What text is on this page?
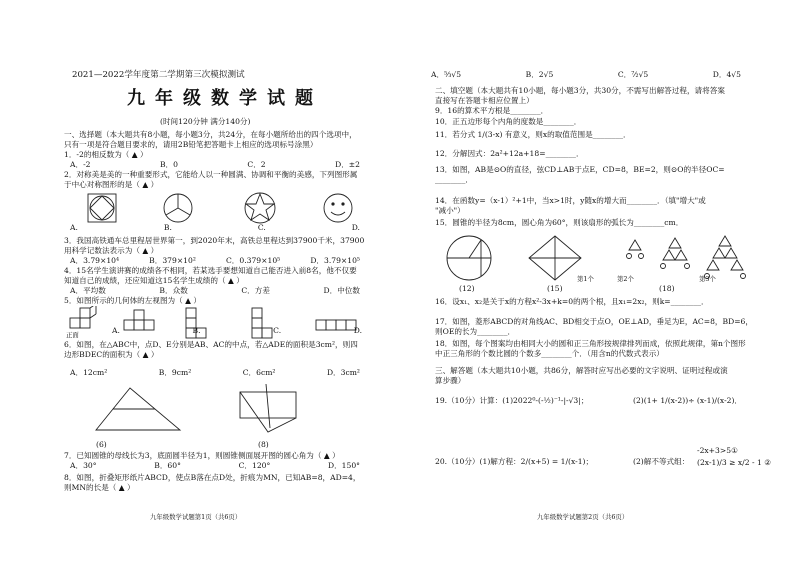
2021—2022学年度第二学期第三次模拟测试
九年级数学试题
(时间120分钟 满分140分)
一、选择题（本大题共有8小题，每小题3分，共24分，在每小题所给出的四个选项中，
只有一项是符合题目要求的，请用2B铅笔把答题卡上相应的选项标号涂黑）
1．-2的相反数为（ ▲ ）
A．-2	B．0	C．2	D．±2
2．对称美是美的一种重要形式，它能给人以一种圆满、协调和平衡的美感，下列图形属
于中心对称图形的是（ ▲ ）
A.	B.	C.	D.
3．我国高铁通车总里程居世界第一，到2020年末，高铁总里程达到37900千米，37900
用科学记数法表示为（ ▲ ）
A．3.79×10⁴	B．379×10²	C．0.379×10⁵	D．3.79×10⁵
4．15名学生演讲赛的成绩各不相同，若某选手要想知道自己能否进入前8名，他不仅要
知道自己的成绩，还应知道这15名学生成绩的（ ▲ ）
A．平均数	B．众数	C．方差	D．中位数
5．如图所示的几何体的左视图为（ ▲ ）
正面	A.	B.	C.	D.
6．如图，在△ABC中，点D、E分别是AB、AC的中点，若△ADE的面积是3cm²，则四
边形BDEC的面积为（ ▲ ）
A．12cm²	B．9cm²	C．6cm²	D．3cm²
(6)	(8)
7．已知圆锥的母线长为3，底面圆半径为1，则圆锥侧面展开图的圆心角为（ ▲ ）
A．30°	B．60°	C．120°	D．150°
8．如图，折叠矩形纸片ABCD，使点B落在点D处，折痕为MN，已知AB=8，AD=4，
则MN的长是（ ▲ ）
九年级数学试题第1页（共6页）
A．⁵⁄₃√5	B．2√5	C．⁷⁄₂√5	D．4√5
二、填空题（本大题共有10小题，每小题3分，共30分，不需写出解答过程，请将答案
直接写在答题卡相应位置上）
9．16的算术平方根是________．
10．正五边形每个内角的度数是________．
11．若分式 1/(3-x) 有意义，则x的取值范围是________．
12．分解因式：2a²+12a+18=________．
13．如图，AB是⊙O的直径，弦CD⊥AB于点E，CD=8，BE=2，则⊙O的半径OC=
________．
14．在函数y=（x-1）²+1中，当x>1时，y随x的增大而________．（填"增大"或
"减小"）
15．圆锥的半径为8cm，圆心角为60°，则该扇形的弧长为________cm．
第1个	第2个	第3个
(12)	(15)	(18)
16．设x₁、x₂是关于x的方程x²-3x+k=0的两个根，且x₁=2x₂，则k=________．
17．如图，菱形ABCD的对角线AC、BD相交于点O，OE⊥AD，垂足为E，AC=8，BD=6，
则OE的长为________．
18．如图，每个图案均由相同大小的圆和正三角形按规律排列而成，依照此规律，第n个图形
中正三角形的个数比圆的个数多________个．（用含n的代数式表示）
三、解答题（本大题共10小题，共86分，解答时应写出必要的文字说明、证明过程或演
算步骤）
19.（10分）计算：(1)2022⁰-(-½)⁻¹-|-√3|；	(2)(1+ 1/(x-2))÷ (x-1)/(x-2)．
20.（10分）(1)解方程：2/(x+5) = 1/(x-1)；	(2)解不等式组：
-2x+3>5①
(2x-1)/3 ≥ x/2 - 1 ②
九年级数学试题第2页（共6页）
